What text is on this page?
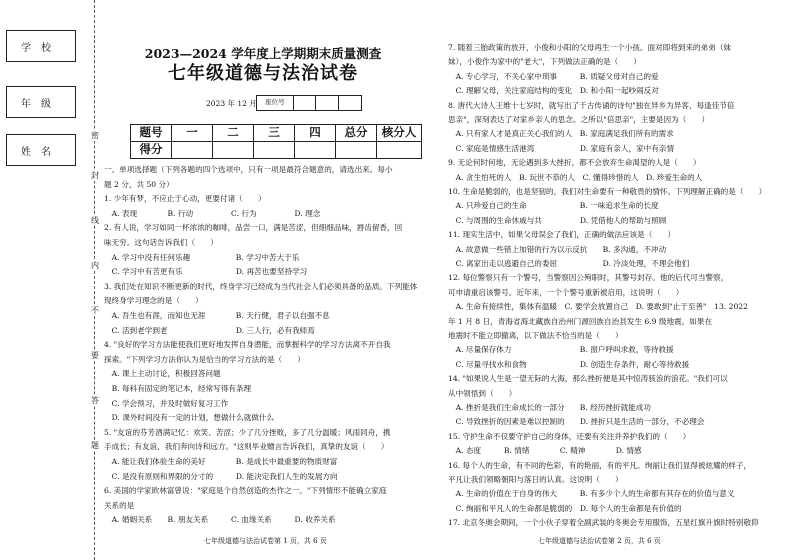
学校
年级
姓名
密
封
线
内
不
要
答
题
2023—2024 学年度上学期期末质量测查
七年级道德与法治试卷
2023 年 12 月	座位号
题号	一	二	三	四	总分	核分人
得分						
一、单项选择题（下列各题的四个选项中，只有一项是最符合题意的，请选出来。每小
题 2 分，共 50 分）
1. 少年有梦，不应止于心动，更要付诸（　　）
　A. 表现　　　　B. 行动　　　　　C. 行为　　　　　D. 理念
2. 有人说，学习如同一杯浓浓的咖啡，品尝一口，满是苦涩，但细细品味，唇齿留香，回
味无穷。这句话告诉我们（　　）
　A. 学习中没有任何乐趣　　　　　　B. 学习中苦大于乐
　C. 学习中有苦更有乐　　　　　　　D. 再苦也要坚持学习
3. 我们处在知识不断更新的时代，终身学习已经成为当代社会人们必须具备的品质。下列能体
现终身学习理念的是（　　）
　A. 吾生也有涯，而知也无涯　　　　B. 天行健，君子以自强不息
　C. 活到老学到老　　　　　　　　　D. 三人行，必有我师焉
4. "良好的学习方法能使我们更好地发挥自身潜能，而掌握科学的学习方法离不开自我
探索。"下列学习方法你认为是恰当的学习方法的是（　　）
　A. 课上主动讨论，积极回答问题
　B. 每科有固定的笔记本，经常写得有条理
　C. 学会预习，并及时做好复习工作
　D. 课外时间没有一定的计划，想做什么就做什么
5. "友谊的芬芳酒满记忆：欢笑、苦涩；少了几分挫败，多了几分温暖；风雨同舟，携
手成长；有友谊，我们奔向诗和远方。"这则毕业赠言告诉我们，真挚的友谊（　　）
　A. 能让我们体验生命的美好　　　　B. 是成长中最重要的物质财富
　C. 是没有原则和界限的分寸的　　　D. 能决定我们人生的发展方向
6. 美国的学家欧林富曾说："家庭是个自然创造的杰作之一。"下列情形不能确立家庭
关系的是
　A. 婚姻关系　　B. 朋友关系　　　C. 血缘关系　　　D. 收养关系
七年级道德与法治试卷第 1 页，共 6 页
7. 随着三胎政策的放开，小俊和小阳的父母再生一个小孩。面对即将到来的弟弟（妹
妹），小俊作为家中的"老大"，下列做法正确的是（　　）
　A. 专心学习，不关心家中琐事　　　B. 质疑父母对自己的爱
　C. 理解父母，关注家庭结构的变化　D. 和小阳一起吵闹反对
8. 唐代大诗人王维十七岁时，就写出了千古传诵的诗句"独在异乡为异客，每逢佳节倍
思亲"，深刻表达了对家乡亲人的思念。之所以"倍思亲"，主要是因为（　　）
　A. 只有家人才是真正关心我们的人　B. 家庭满足我们所有的需求
　C. 家庭是情感生活港湾　　　　　　D. 家庭有亲人，家中有亲情
9. 无论何时何地，无论遇到多大挫折，都不会放弃生命渴望的人是（　　）
　A. 贪生怕死的人　B. 玩世不恭的人　C. 懂得珍惜的人　D. 珍爱生命的人
10. 生命是脆弱的，也是坚韧的，我们对生命要有一种敬畏的情怀。下列理解正确的是（　　）
　A. 只珍爱自己的生命　　　　　　　B. 一味追求生命的长度
　C. 与周围的生命休戚与共　　　　　D. 凭借他人的帮助与照顾
11. 现实生活中，如果父母误会了我们，正确的做法应该是（　　）
　A. 故意做一些错上加错的行为以示反抗　　B. 多沟通，不冲动
　C. 离家出走以逃避自己的委屈　　　　　　D. 冷淡处理，不理会他们
12. 每位警察只有一个警号，当警察因公殉职时，其警号封存。他的后代可当警察，
可申请重启该警号。近年来，一个个警号重新被启用，这说明（　　）
　A. 生命有接续性，集体有温暖　C. 要学会放置自己　D. 要敢到"止于至善"　13. 2022
年 1 月 8 日，青海省海北藏族自治州门源回族自治县发生 6.9 级地震。如果在
地震时不能立即撤离，以下做法不恰当的是（　　）
　A. 尽量保存体力　　　　　　　　　B. 窗户呼叫求救，等待救援
　C. 尽量寻找水和食物　　　　　　　D. 创造生存条件，耐心等待救援
14. "如果说人生是一望无际的大海，那么挫折便是其中惊涛骇浪的浪花。"我们可以
从中领悟到（　　）
　A. 挫折是我们生命成长的一部分　　B. 经历挫折就能成功
　C. 导致挫折的因素是难以控制的　　D. 挫折只是生活的一部分，不必理会
15. 守护生命不仅要守护自己的身体，还要有关注并养护我们的（　　）
　A. 态度　　　B. 情绪　　　　C. 精神　　　　D. 情感
16. 每个人的生命，有不同的色彩，有的艳丽，有的平凡。绚丽让我们显得被炫耀的样子，
平凡让我们领略朝阳与落日的认真。这说明（　　）
　A. 生命的价值在于自身的伟大　　　B. 有多少个人的生命都有其存在的价值与意义
　C. 绚丽和平凡人的生命都是脆弱的　D. 每个人的生命都是有价值的
17. 北京冬奥会期间，一个小伙子穿着全副武装的冬奥会专用服饰，五星红旗升旗时特别敬仰
七年级道德与法治试卷第 2 页，共 6 页
